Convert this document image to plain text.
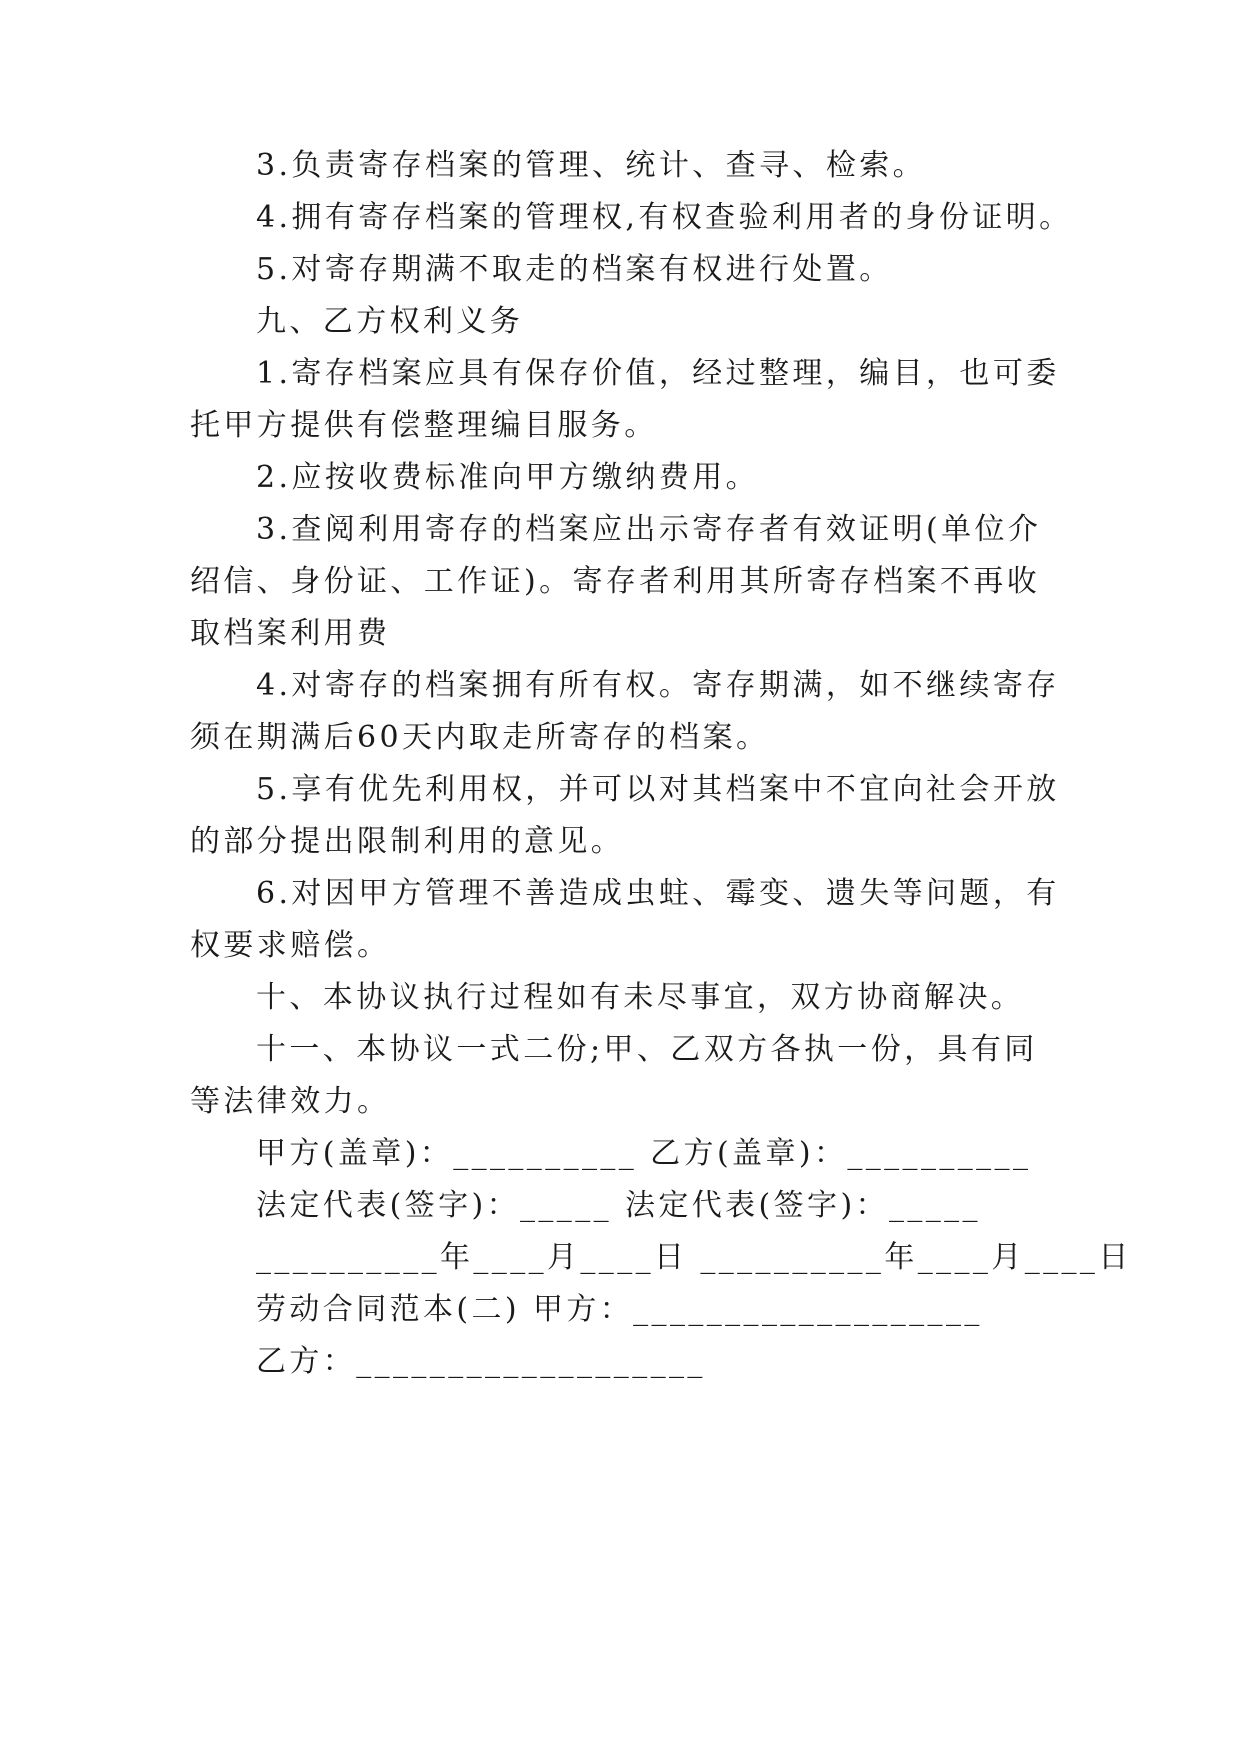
3.负责寄存档案的管理、统计、查寻、检索。
4.拥有寄存档案的管理权,有权查验利用者的身份证明。
5.对寄存期满不取走的档案有权进行处置。
九、乙方权利义务
1.寄存档案应具有保存价值，经过整理，编目，也可委
托甲方提供有偿整理编目服务。
2.应按收费标准向甲方缴纳费用。
3.查阅利用寄存的档案应出示寄存者有效证明(单位介
绍信、身份证、工作证)。寄存者利用其所寄存档案不再收
取档案利用费
4.对寄存的档案拥有所有权。寄存期满，如不继续寄存
须在期满后60天内取走所寄存的档案。
5.享有优先利用权，并可以对其档案中不宜向社会开放
的部分提出限制利用的意见。
6.对因甲方管理不善造成虫蛀、霉变、遗失等问题，有
权要求赔偿。
十、本协议执行过程如有未尽事宜，双方协商解决。
十一、本协议一式二份;甲、乙双方各执一份，具有同
等法律效力。
甲方(盖章)：__________ 乙方(盖章)：__________
法定代表(签字)：_____ 法定代表(签字)：_____
__________年____月____日 __________年____月____日
劳动合同范本(二) 甲方：___________________
乙方：___________________
